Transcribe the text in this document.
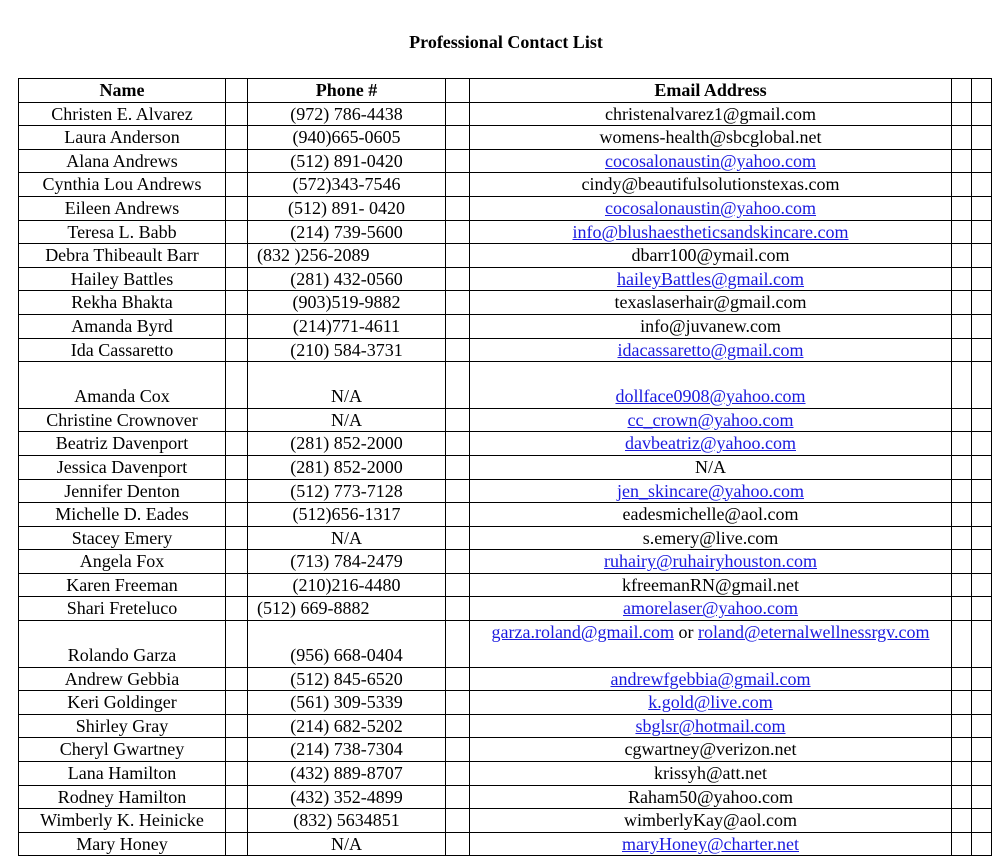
Professional Contact List
Name		Phone #		Email Address		
Christen E. Alvarez		(972) 786-4438		christenalvarez1@gmail.com		
Laura Anderson		(940)665-0605		womens-health@sbcglobal.net		
Alana Andrews		(512) 891-0420		cocosalonaustin@yahoo.com		
Cynthia Lou Andrews		(572)343-7546		cindy@beautifulsolutionstexas.com		
Eileen Andrews		(512) 891- 0420		cocosalonaustin@yahoo.com		
Teresa L. Babb		(214) 739-5600		info@blushaestheticsandskincare.com		
Debra Thibeault Barr		(832 )256-2089		dbarr100@ymail.com		
Hailey Battles		(281) 432-0560		haileyBattles@gmail.com		
Rekha Bhakta		(903)519-9882		texaslaserhair@gmail.com		
Amanda Byrd		(214)771-4611		info@juvanew.com		
Ida Cassaretto		(210) 584-3731		idacassaretto@gmail.com		
Amanda Cox		N/A		dollface0908@yahoo.com		
Christine Crownover		N/A		cc_crown@yahoo.com		
Beatriz Davenport		(281) 852-2000		davbeatriz@yahoo.com		
Jessica Davenport		(281) 852-2000		N/A		
Jennifer Denton		(512) 773-7128		jen_skincare@yahoo.com		
Michelle D. Eades		(512)656-1317		eadesmichelle@aol.com		
Stacey Emery		N/A		s.emery@live.com		
Angela Fox		(713) 784-2479		ruhairy@ruhairyhouston.com		
Karen Freeman		(210)216-4480		kfreemanRN@gmail.net		
Shari Freteluco		(512) 669-8882		amorelaser@yahoo.com		
Rolando Garza		(956) 668-0404		garza.roland@gmail.com or roland@eternalwellnessrgv.com		
Andrew Gebbia		(512) 845-6520		andrewfgebbia@gmail.com		
Keri Goldinger		(561) 309-5339		k.gold@live.com		
Shirley Gray		(214) 682-5202		sbglsr@hotmail.com		
Cheryl Gwartney		(214) 738-7304		cgwartney@verizon.net		
Lana Hamilton		(432) 889-8707		krissyh@att.net		
Rodney Hamilton		(432) 352-4899		Raham50@yahoo.com		
Wimberly K. Heinicke		(832) 5634851		wimberlyKay@aol.com		
Mary Honey		N/A		maryHoney@charter.net		
